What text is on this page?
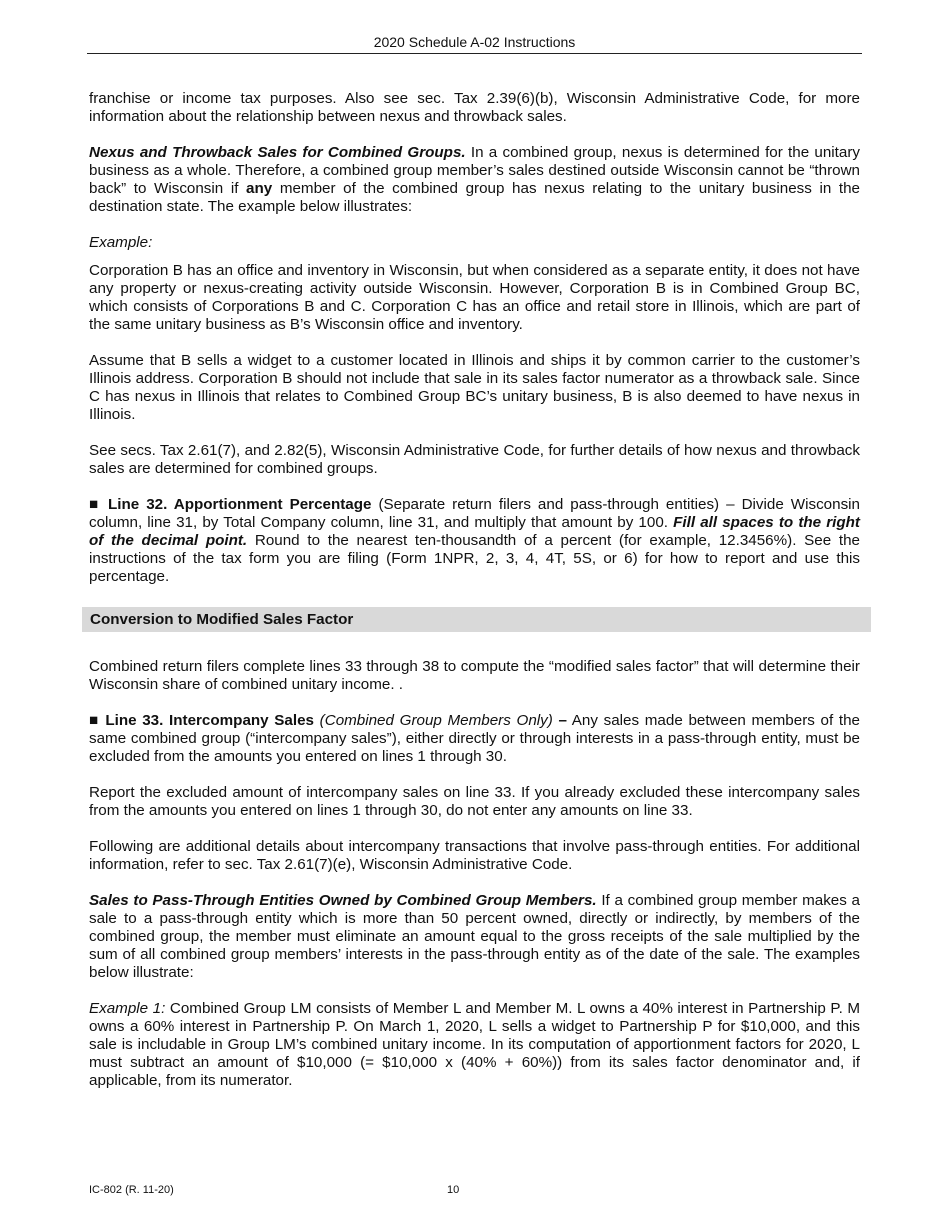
2020 Schedule A-02 Instructions

franchise or income tax purposes. Also see sec. Tax 2.39(6)(b), Wisconsin Administrative Code, for more information about the relationship between nexus and throwback sales.

Nexus and Throwback Sales for Combined Groups. In a combined group, nexus is determined for the unitary business as a whole. Therefore, a combined group member’s sales destined outside Wisconsin cannot be “thrown back” to Wisconsin if any member of the combined group has nexus relating to the unitary business in the destination state. The example below illustrates:

Example:

Corporation B has an office and inventory in Wisconsin, but when considered as a separate entity, it does not have any property or nexus-creating activity outside Wisconsin. However, Corporation B is in Combined Group BC, which consists of Corporations B and C. Corporation C has an office and retail store in Illinois, which are part of the same unitary business as B’s Wisconsin office and inventory.

Assume that B sells a widget to a customer located in Illinois and ships it by common carrier to the customer’s Illinois address. Corporation B should not include that sale in its sales factor numerator as a throwback sale. Since C has nexus in Illinois that relates to Combined Group BC’s unitary business, B is also deemed to have nexus in Illinois.

See secs. Tax 2.61(7), and 2.82(5), Wisconsin Administrative Code, for further details of how nexus and throwback sales are determined for combined groups.

■ Line 32. Apportionment Percentage (Separate return filers and pass-through entities) – Divide Wisconsin column, line 31, by Total Company column, line 31, and multiply that amount by 100. Fill all spaces to the right of the decimal point. Round to the nearest ten-thousandth of a percent (for example, 12.3456%). See the instructions of the tax form you are filing (Form 1NPR, 2, 3, 4, 4T, 5S, or 6) for how to report and use this percentage.

Conversion to Modified Sales Factor

Combined return filers complete lines 33 through 38 to compute the “modified sales factor” that will determine their Wisconsin share of combined unitary income. .

■ Line 33. Intercompany Sales (Combined Group Members Only) – Any sales made between members of the same combined group (“intercompany sales”), either directly or through interests in a pass-through entity, must be excluded from the amounts you entered on lines 1 through 30.

Report the excluded amount of intercompany sales on line 33. If you already excluded these intercompany sales from the amounts you entered on lines 1 through 30, do not enter any amounts on line 33.

Following are additional details about intercompany transactions that involve pass-through entities. For additional information, refer to sec. Tax 2.61(7)(e), Wisconsin Administrative Code.

Sales to Pass-Through Entities Owned by Combined Group Members. If a combined group member makes a sale to a pass-through entity which is more than 50 percent owned, directly or indirectly, by members of the combined group, the member must eliminate an amount equal to the gross receipts of the sale multiplied by the sum of all combined group members’ interests in the pass-through entity as of the date of the sale. The examples below illustrate:

Example 1: Combined Group LM consists of Member L and Member M. L owns a 40% interest in Partnership P. M owns a 60% interest in Partnership P. On March 1, 2020, L sells a widget to Partnership P for $10,000, and this sale is includable in Group LM’s combined unitary income. In its computation of apportionment factors for 2020, L must subtract an amount of $10,000 (= $10,000 x (40% + 60%)) from its sales factor denominator and, if applicable, from its numerator.

IC-802 (R. 11-20)	10
